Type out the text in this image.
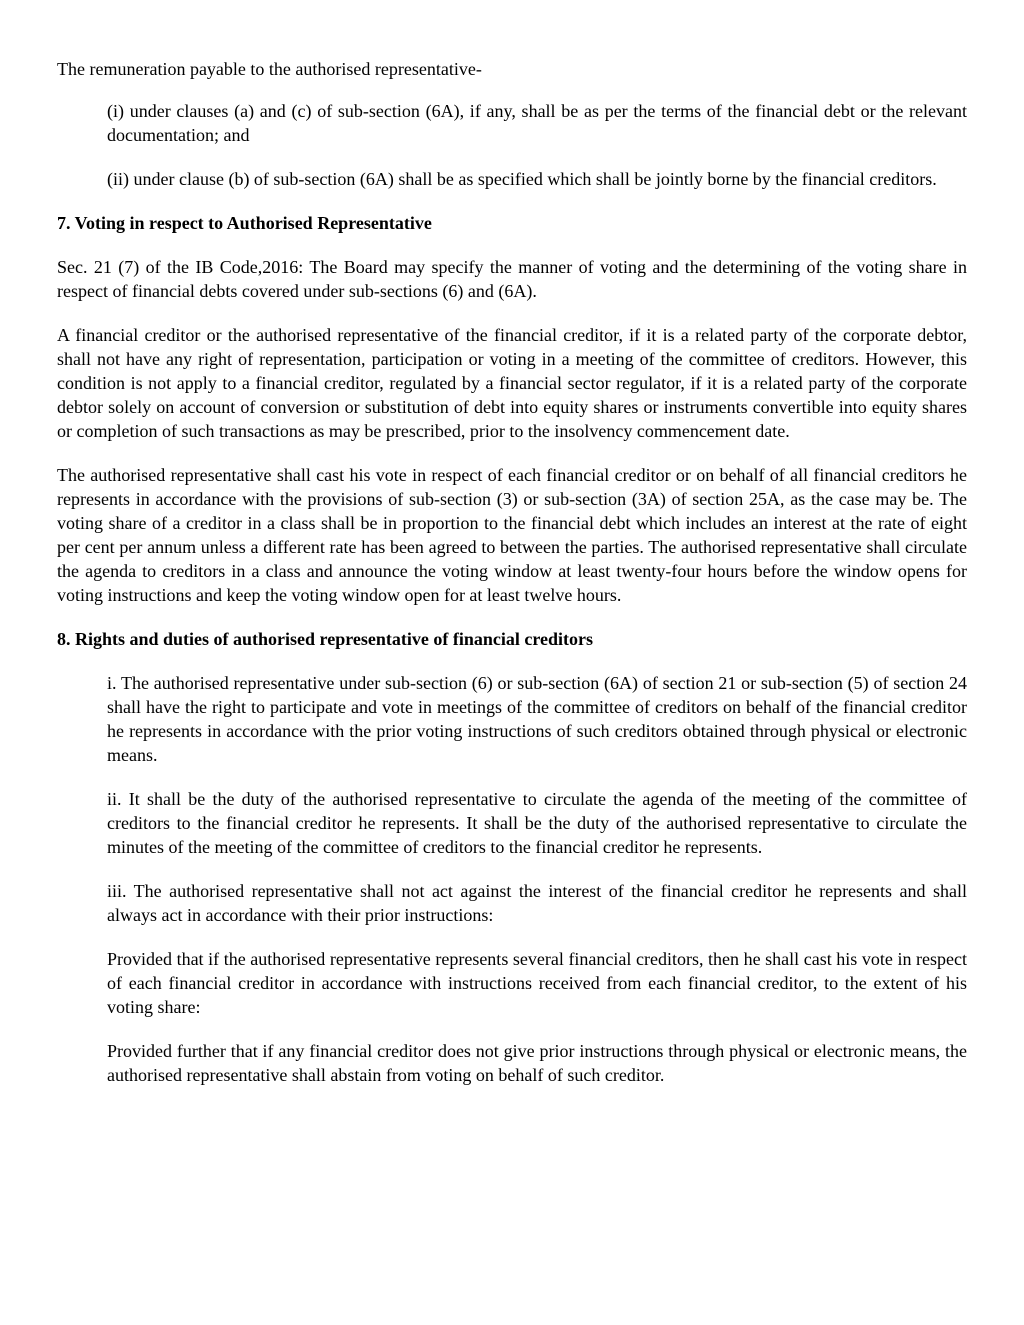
The remuneration payable to the authorised representative-

(i) under clauses (a) and (c) of sub-section (6A), if any, shall be as per the terms of the financial debt or the relevant documentation; and

(ii) under clause (b) of sub-section (6A) shall be as specified which shall be jointly borne by the financial creditors.

7. Voting in respect to Authorised Representative

Sec. 21 (7) of the IB Code,2016: The Board may specify the manner of voting and the determining of the voting share in respect of financial debts covered under sub-sections (6) and (6A).

A financial creditor or the authorised representative of the financial creditor, if it is a related party of the corporate debtor, shall not have any right of representation, participation or voting in a meeting of the committee of creditors. However, this condition is not apply to a financial creditor, regulated by a financial sector regulator, if it is a related party of the corporate debtor solely on account of conversion or substitution of debt into equity shares or instruments convertible into equity shares or completion of such transactions as may be prescribed, prior to the insolvency commencement date.

The authorised representative shall cast his vote in respect of each financial creditor or on behalf of all financial creditors he represents in accordance with the provisions of sub-section (3) or sub-section (3A) of section 25A, as the case may be. The voting share of a creditor in a class shall be in proportion to the financial debt which includes an interest at the rate of eight per cent per annum unless a different rate has been agreed to between the parties. The authorised representative shall circulate the agenda to creditors in a class and announce the voting window at least twenty-four hours before the window opens for voting instructions and keep the voting window open for at least twelve hours.

8. Rights and duties of authorised representative of financial creditors

i. The authorised representative under sub-section (6) or sub-section (6A) of section 21 or sub-section (5) of section 24 shall have the right to participate and vote in meetings of the committee of creditors on behalf of the financial creditor he represents in accordance with the prior voting instructions of such creditors obtained through physical or electronic means.

ii. It shall be the duty of the authorised representative to circulate the agenda of the meeting of the committee of creditors to the financial creditor he represents. It shall be the duty of the authorised representative to circulate the minutes of the meeting of the committee of creditors to the financial creditor he represents.

iii. The authorised representative shall not act against the interest of the financial creditor he represents and shall always act in accordance with their prior instructions:

Provided that if the authorised representative represents several financial creditors, then he shall cast his vote in respect of each financial creditor in accordance with instructions received from each financial creditor, to the extent of his voting share:

Provided further that if any financial creditor does not give prior instructions through physical or electronic means, the authorised representative shall abstain from voting on behalf of such creditor.
